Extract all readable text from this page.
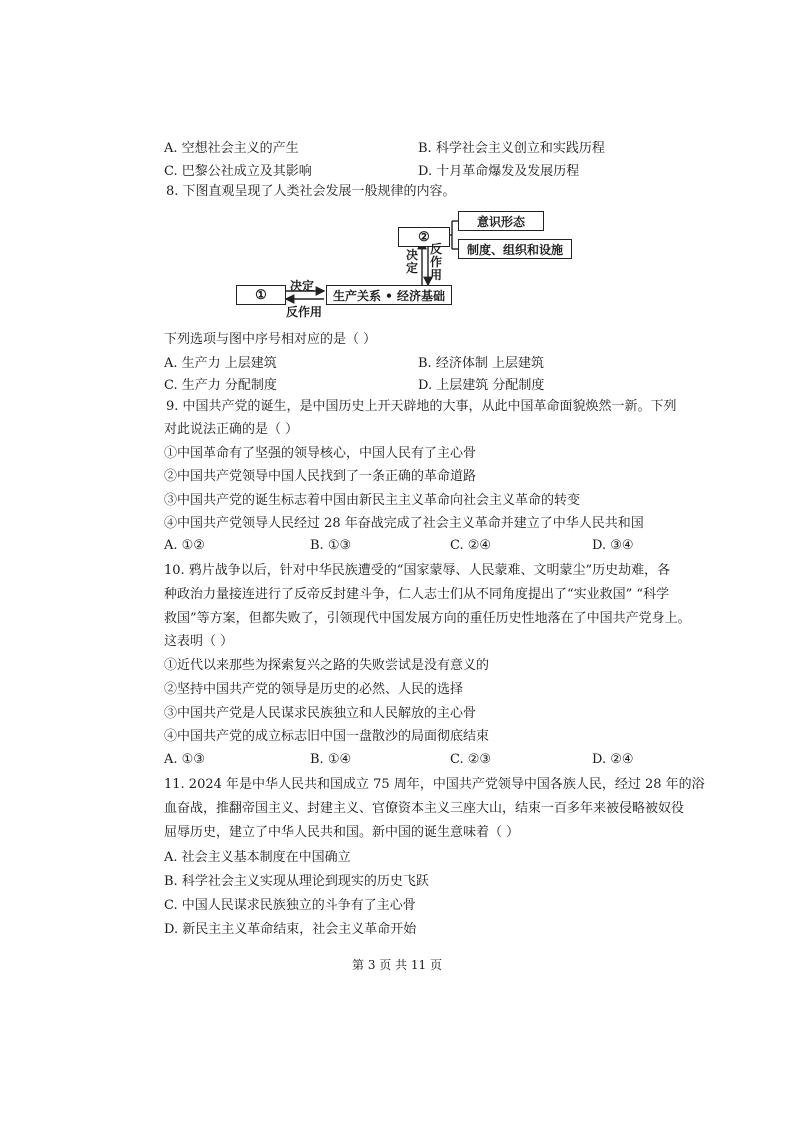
A. 空想社会主义的产生	B. 科学社会主义创立和实践历程
C. 巴黎公社成立及其影响	D. 十月革命爆发及发展历程
8. 下图直观呈现了人类社会发展一般规律的内容。
①	生产关系 • 经济基础
②
意识形态
制度、组织和设施
决定
反作用
决定
反作用
下列选项与图中序号相对应的是（ ）
A. 生产力 上层建筑	B. 经济体制 上层建筑
C. 生产力 分配制度	D. 上层建筑 分配制度
9. 中国共产党的诞生，是中国历史上开天辟地的大事，从此中国革命面貌焕然一新。下列
对此说法正确的是（ ）
①中国革命有了坚强的领导核心，中国人民有了主心骨
②中国共产党领导中国人民找到了一条正确的革命道路
③中国共产党的诞生标志着中国由新民主主义革命向社会主义革命的转变
④中国共产党领导人民经过 28 年奋战完成了社会主义革命并建立了中华人民共和国
A. ①②	B. ①③	C. ②④	D. ③④
10. 鸦片战争以后，针对中华民族遭受的“国家蒙辱、人民蒙难、文明蒙尘”历史劫难，各
种政治力量接连进行了反帝反封建斗争，仁人志士们从不同角度提出了“实业救国” “科学
救国”等方案，但都失败了，引领现代中国发展方向的重任历史性地落在了中国共产党身上。
这表明（ ）
①近代以来那些为探索复兴之路的失败尝试是没有意义的
②坚持中国共产党的领导是历史的必然、人民的选择
③中国共产党是人民谋求民族独立和人民解放的主心骨
④中国共产党的成立标志旧中国一盘散沙的局面彻底结束
A. ①③	B. ①④	C. ②③	D. ②④
11. 2024 年是中华人民共和国成立 75 周年，中国共产党领导中国各族人民，经过 28 年的浴
血奋战，推翻帝国主义、封建主义、官僚资本主义三座大山，结束一百多年来被侵略被奴役
屈辱历史，建立了中华人民共和国。新中国的诞生意味着（ ）
A. 社会主义基本制度在中国确立
B. 科学社会主义实现从理论到现实的历史飞跃
C. 中国人民谋求民族独立的斗争有了主心骨
D. 新民主主义革命结束，社会主义革命开始
第 3 页 共 11 页
